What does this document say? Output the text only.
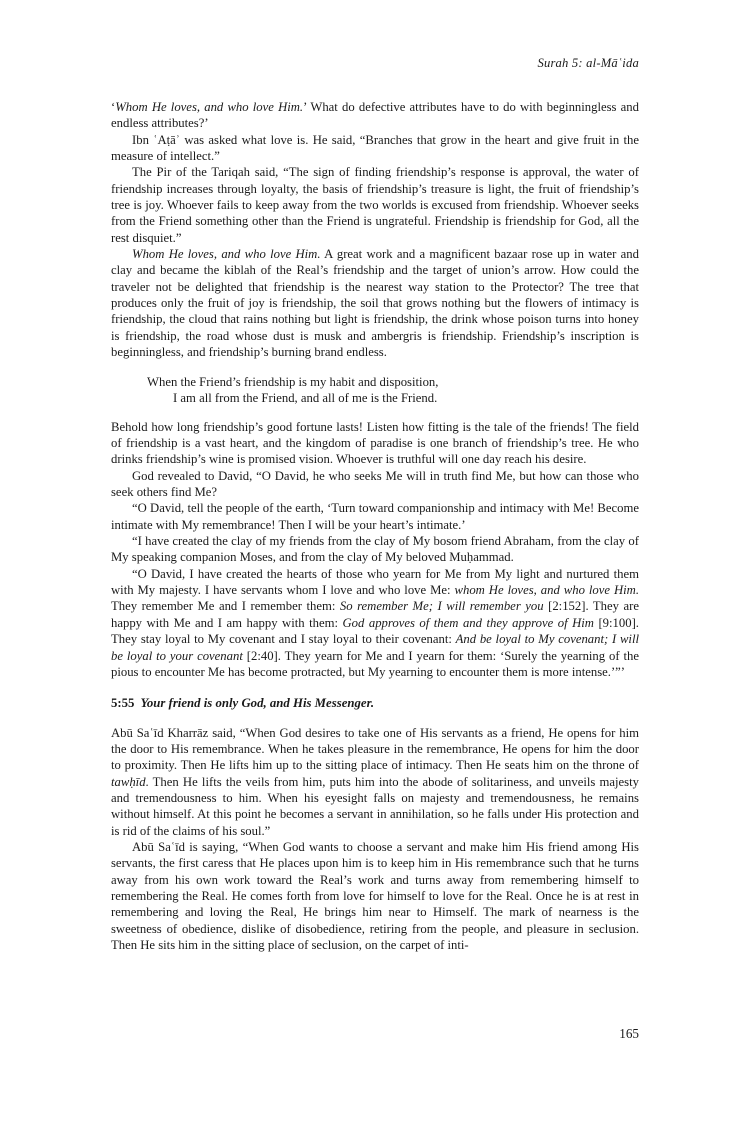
Surah 5: al-Māʿida

‘Whom He loves, and who love Him.’ What do defective attributes have to do with beginningless and endless attributes?’

Ibn ʿAṭāʾ was asked what love is. He said, “Branches that grow in the heart and give fruit in the measure of intellect.”

The Pir of the Tariqah said, “The sign of finding friendship’s response is approval, the water of friendship increases through loyalty, the basis of friendship’s treasure is light, the fruit of friendship’s tree is joy. Whoever fails to keep away from the two worlds is excused from friendship. Whoever seeks from the Friend something other than the Friend is ungrateful. Friendship is friendship for God, all the rest disquiet.”

Whom He loves, and who love Him. A great work and a magnificent bazaar rose up in water and clay and became the kiblah of the Real’s friendship and the target of union’s arrow. How could the traveler not be delighted that friendship is the nearest way station to the Protector? The tree that produces only the fruit of joy is friendship, the soil that grows nothing but the flowers of intimacy is friendship, the cloud that rains nothing but light is friendship, the drink whose poison turns into honey is friendship, the road whose dust is musk and ambergris is friendship. Friendship’s inscription is beginningless, and friendship’s burning brand endless.

When the Friend’s friendship is my habit and disposition,
I am all from the Friend, and all of me is the Friend.

Behold how long friendship’s good fortune lasts! Listen how fitting is the tale of the friends! The field of friendship is a vast heart, and the kingdom of paradise is one branch of friendship’s tree. He who drinks friendship’s wine is promised vision. Whoever is truthful will one day reach his desire.

God revealed to David, “O David, he who seeks Me will in truth find Me, but how can those who seek others find Me?

“O David, tell the people of the earth, ‘Turn toward companionship and intimacy with Me! Become intimate with My remembrance! Then I will be your heart’s intimate.’

“I have created the clay of my friends from the clay of My bosom friend Abraham, from the clay of My speaking companion Moses, and from the clay of My beloved Muḥammad.

“O David, I have created the hearts of those who yearn for Me from My light and nurtured them with My majesty. I have servants whom I love and who love Me: whom He loves, and who love Him. They remember Me and I remember them: So remember Me; I will remember you [2:152]. They are happy with Me and I am happy with them: God approves of them and they approve of Him [9:100]. They stay loyal to My covenant and I stay loyal to their covenant: And be loyal to My covenant; I will be loyal to your covenant [2:40]. They yearn for Me and I yearn for them: ‘Surely the yearning of the pious to encounter Me has become protracted, but My yearning to encounter them is more intense.’”’

5:55 Your friend is only God, and His Messenger.

Abū Saʿīd Kharrāz said, “When God desires to take one of His servants as a friend, He opens for him the door to His remembrance. When he takes pleasure in the remembrance, He opens for him the door to proximity. Then He lifts him up to the sitting place of intimacy. Then He seats him on the throne of tawḥīd. Then He lifts the veils from him, puts him into the abode of solitariness, and unveils majesty and tremendousness to him. When his eyesight falls on majesty and tremendousness, he remains without himself. At this point he becomes a servant in annihilation, so he falls under His protection and is rid of the claims of his soul.”

Abū Saʿīd is saying, “When God wants to choose a servant and make him His friend among His servants, the first caress that He places upon him is to keep him in His remembrance such that he turns away from his own work toward the Real’s work and turns away from remembering himself to remembering the Real. He comes forth from love for himself to love for the Real. Once he is at rest in remembering and loving the Real, He brings him near to Himself. The mark of nearness is the sweetness of obedience, dislike of disobedience, retiring from the people, and pleasure in seclusion. Then He sits him in the sitting place of seclusion, on the carpet of inti-

165
